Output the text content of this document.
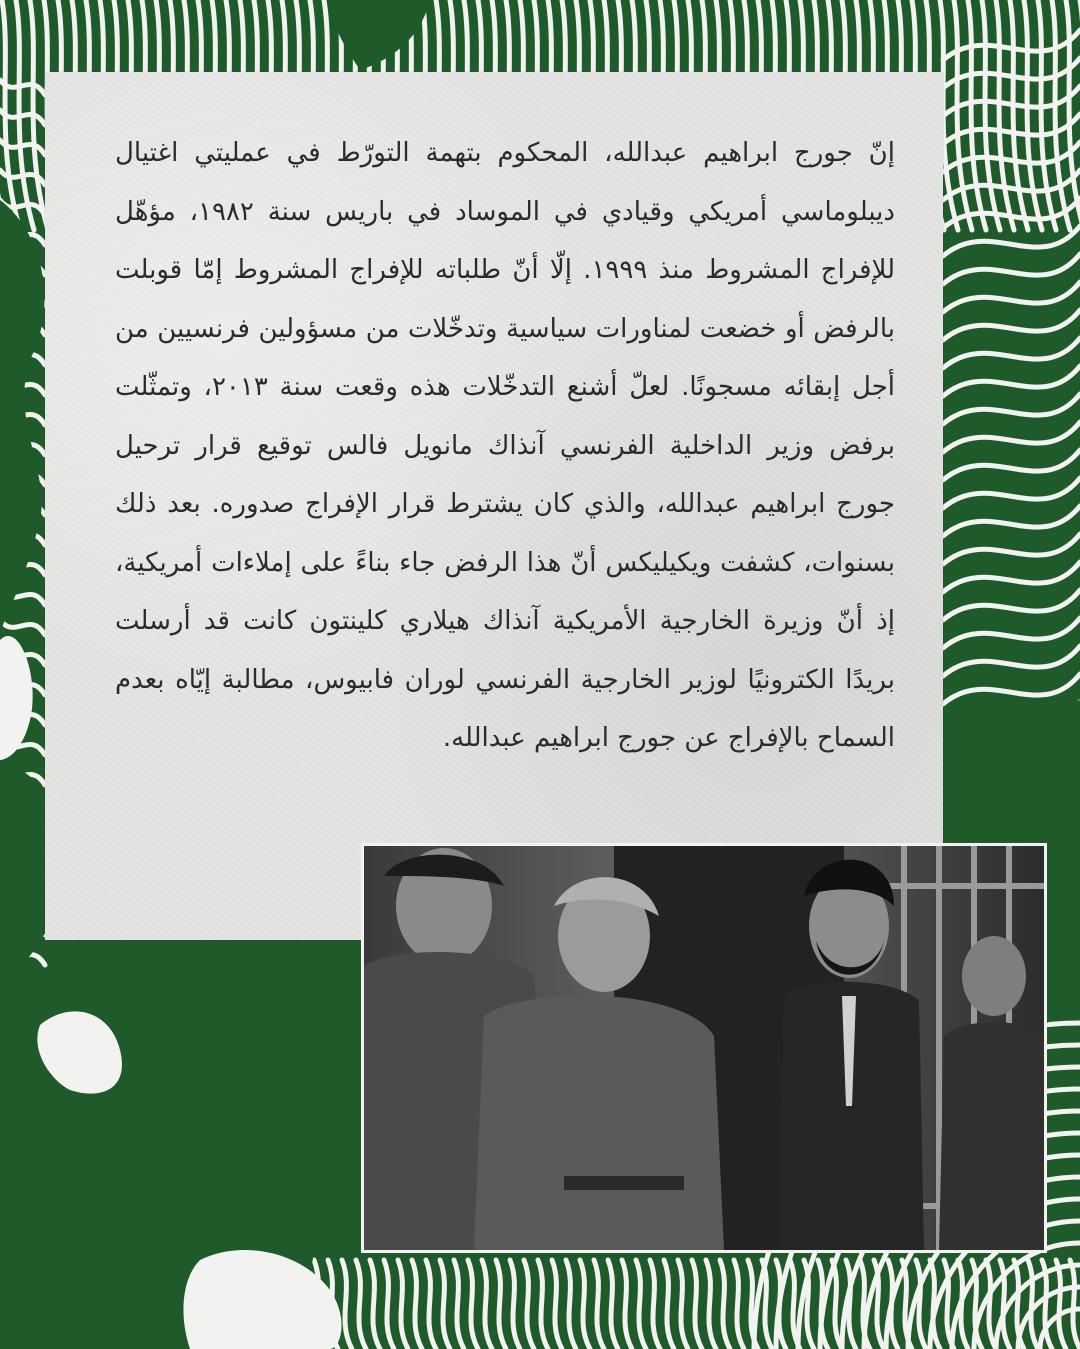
إنّ جورج ابراهيم عبدالله، المحكوم بتهمة التورّط في عمليتي اغتيال ديبلوماسي أمريكي وقيادي في الموساد في باريس سنة ١٩٨٢، مؤهّل للإفراج المشروط منذ ١٩٩٩. إلّا أنّ طلباته للإفراج المشروط إمّا قوبلت بالرفض أو خضعت لمناورات سياسية وتدخّلات من مسؤولين فرنسيين من أجل إبقائه مسجونًا. لعلّ أشنع التدخّلات هذه وقعت سنة ٢٠١٣، وتمثّلت برفض وزير الداخلية الفرنسي آنذاك مانويل فالس توقيع قرار ترحيل جورج ابراهيم عبدالله، والذي كان يشترط قرار الإفراج صدوره. بعد ذلك بسنوات، كشفت ويكيليكس أنّ هذا الرفض جاء بناءً على إملاءات أمريكية، إذ أنّ وزيرة الخارجية الأمريكية آنذاك هيلاري كلينتون كانت قد أرسلت بريدًا الكترونيًا لوزير الخارجية الفرنسي لوران فابيوس، مطالبة إيّاه بعدم السماح بالإفراج عن جورج ابراهيم عبدالله.
